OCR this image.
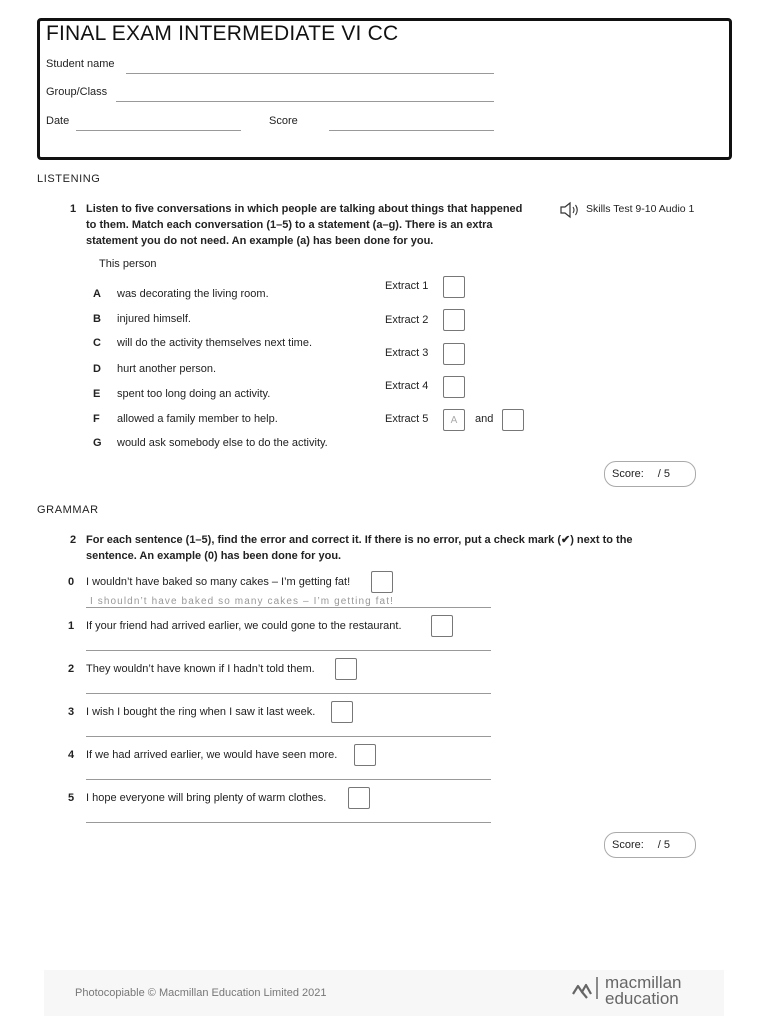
FINAL EXAM INTERMEDIATE VI CC
Student name
Group/Class
Date	Score
LISTENING
1 Listen to five conversations in which people are talking about things that happened
to them. Match each conversation (1–5) to a statement (a–g). There is an extra
statement you do not need. An example (a) has been done for you.
Skills Test 9-10 Audio 1
This person
A was decorating the living room.
B injured himself.
C will do the activity themselves next time.
D hurt another person.
E spent too long doing an activity.
F allowed a family member to help.
G would ask somebody else to do the activity.
Extract 1
Extract 2
Extract 3
Extract 4
Extract 5	A	and
Score: / 5
GRAMMAR
2 For each sentence (1–5), find the error and correct it. If there is no error, put a check mark (✔) next to the
sentence. An example (0) has been done for you.
0 I wouldn’t have baked so many cakes – I’m getting fat!
I shouldn’t have baked so many cakes – I’m getting fat!
1 If your friend had arrived earlier, we could gone to the restaurant.
2 They wouldn’t have known if I hadn’t told them.
3 I wish I bought the ring when I saw it last week.
4 If we had arrived earlier, we would have seen more.
5 I hope everyone will bring plenty of warm clothes.
Score: / 5
Photocopiable © Macmillan Education Limited 2021
macmillan
education
